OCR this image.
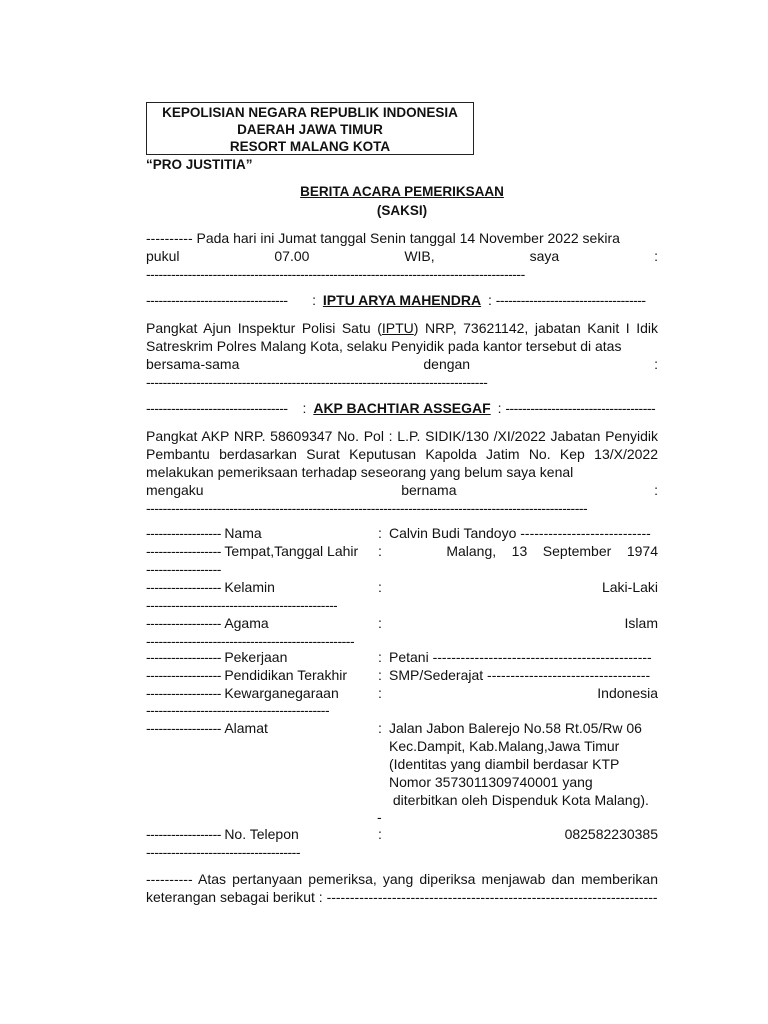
KEPOLISIAN NEGARA REPUBLIK INDONESIA
DAERAH JAWA TIMUR
RESORT MALANG KOTA
“PRO JUSTITIA”
BERITA ACARA PEMERIKSAAN
(SAKSI)
---------- Pada hari ini Jumat tanggal Senin tanggal 14 November 2022 sekira
pukul	07.00	WIB,	saya	:
-------------------------------------------------------------------------------------------
----------------------------------	: IPTU ARYA MAHENDRA : ------------------------------------
Pangkat Ajun Inspektur Polisi Satu (IPTU) NRP, 73621142, jabatan Kanit I Idik Satreskrim Polres Malang Kota, selaku Penyidik pada kantor tersebut di atas
bersama-sama	dengan	:
----------------------------------------------------------------------------------
---------------------------------- : AKP BACHTIAR ASSEGAF : ------------------------------------
Pangkat AKP NRP. 58609347 No. Pol : L.P. SIDIK/130 /XI/2022 Jabatan Penyidik Pembantu berdasarkan Surat Keputusan Kapolda Jatim No. Kep 13/X/2022 melakukan pemeriksaan terhadap seseorang yang belum saya kenal
mengaku	bernama	:
----------------------------------------------------------------------------------------------------------
------------------ Nama	: Calvin Budi Tandoyo ----------------------------
------------------ Tempat,Tanggal Lahir	:	Malang,    13    September    1974
------------------
------------------ Kelamin	:	Laki-Laki
----------------------------------------------
------------------ Agama	:	Islam
--------------------------------------------------
------------------ Pekerjaan	: Petani -----------------------------------------------
------------------ Pendidikan Terakhir	: SMP/Sederajat -----------------------------------
------------------ Kewarganegaraan	:	Indonesia
--------------------------------------------
------------------ Alamat	: Jalan Jabon Balerejo No.58 Rt.05/Rw 06
Kec.Dampit, Kab.Malang,Jawa Timur
(Identitas yang diambil berdasar KTP
Nomor 3573011309740001 yang
diterbitkan oleh Dispenduk Kota Malang).
-
------------------ No. Telepon	:	082582230385
-------------------------------------
---------- Atas pertanyaan pemeriksa, yang diperiksa menjawab dan memberikan keterangan sebagai berikut : -----------------------------------------------------------------------
